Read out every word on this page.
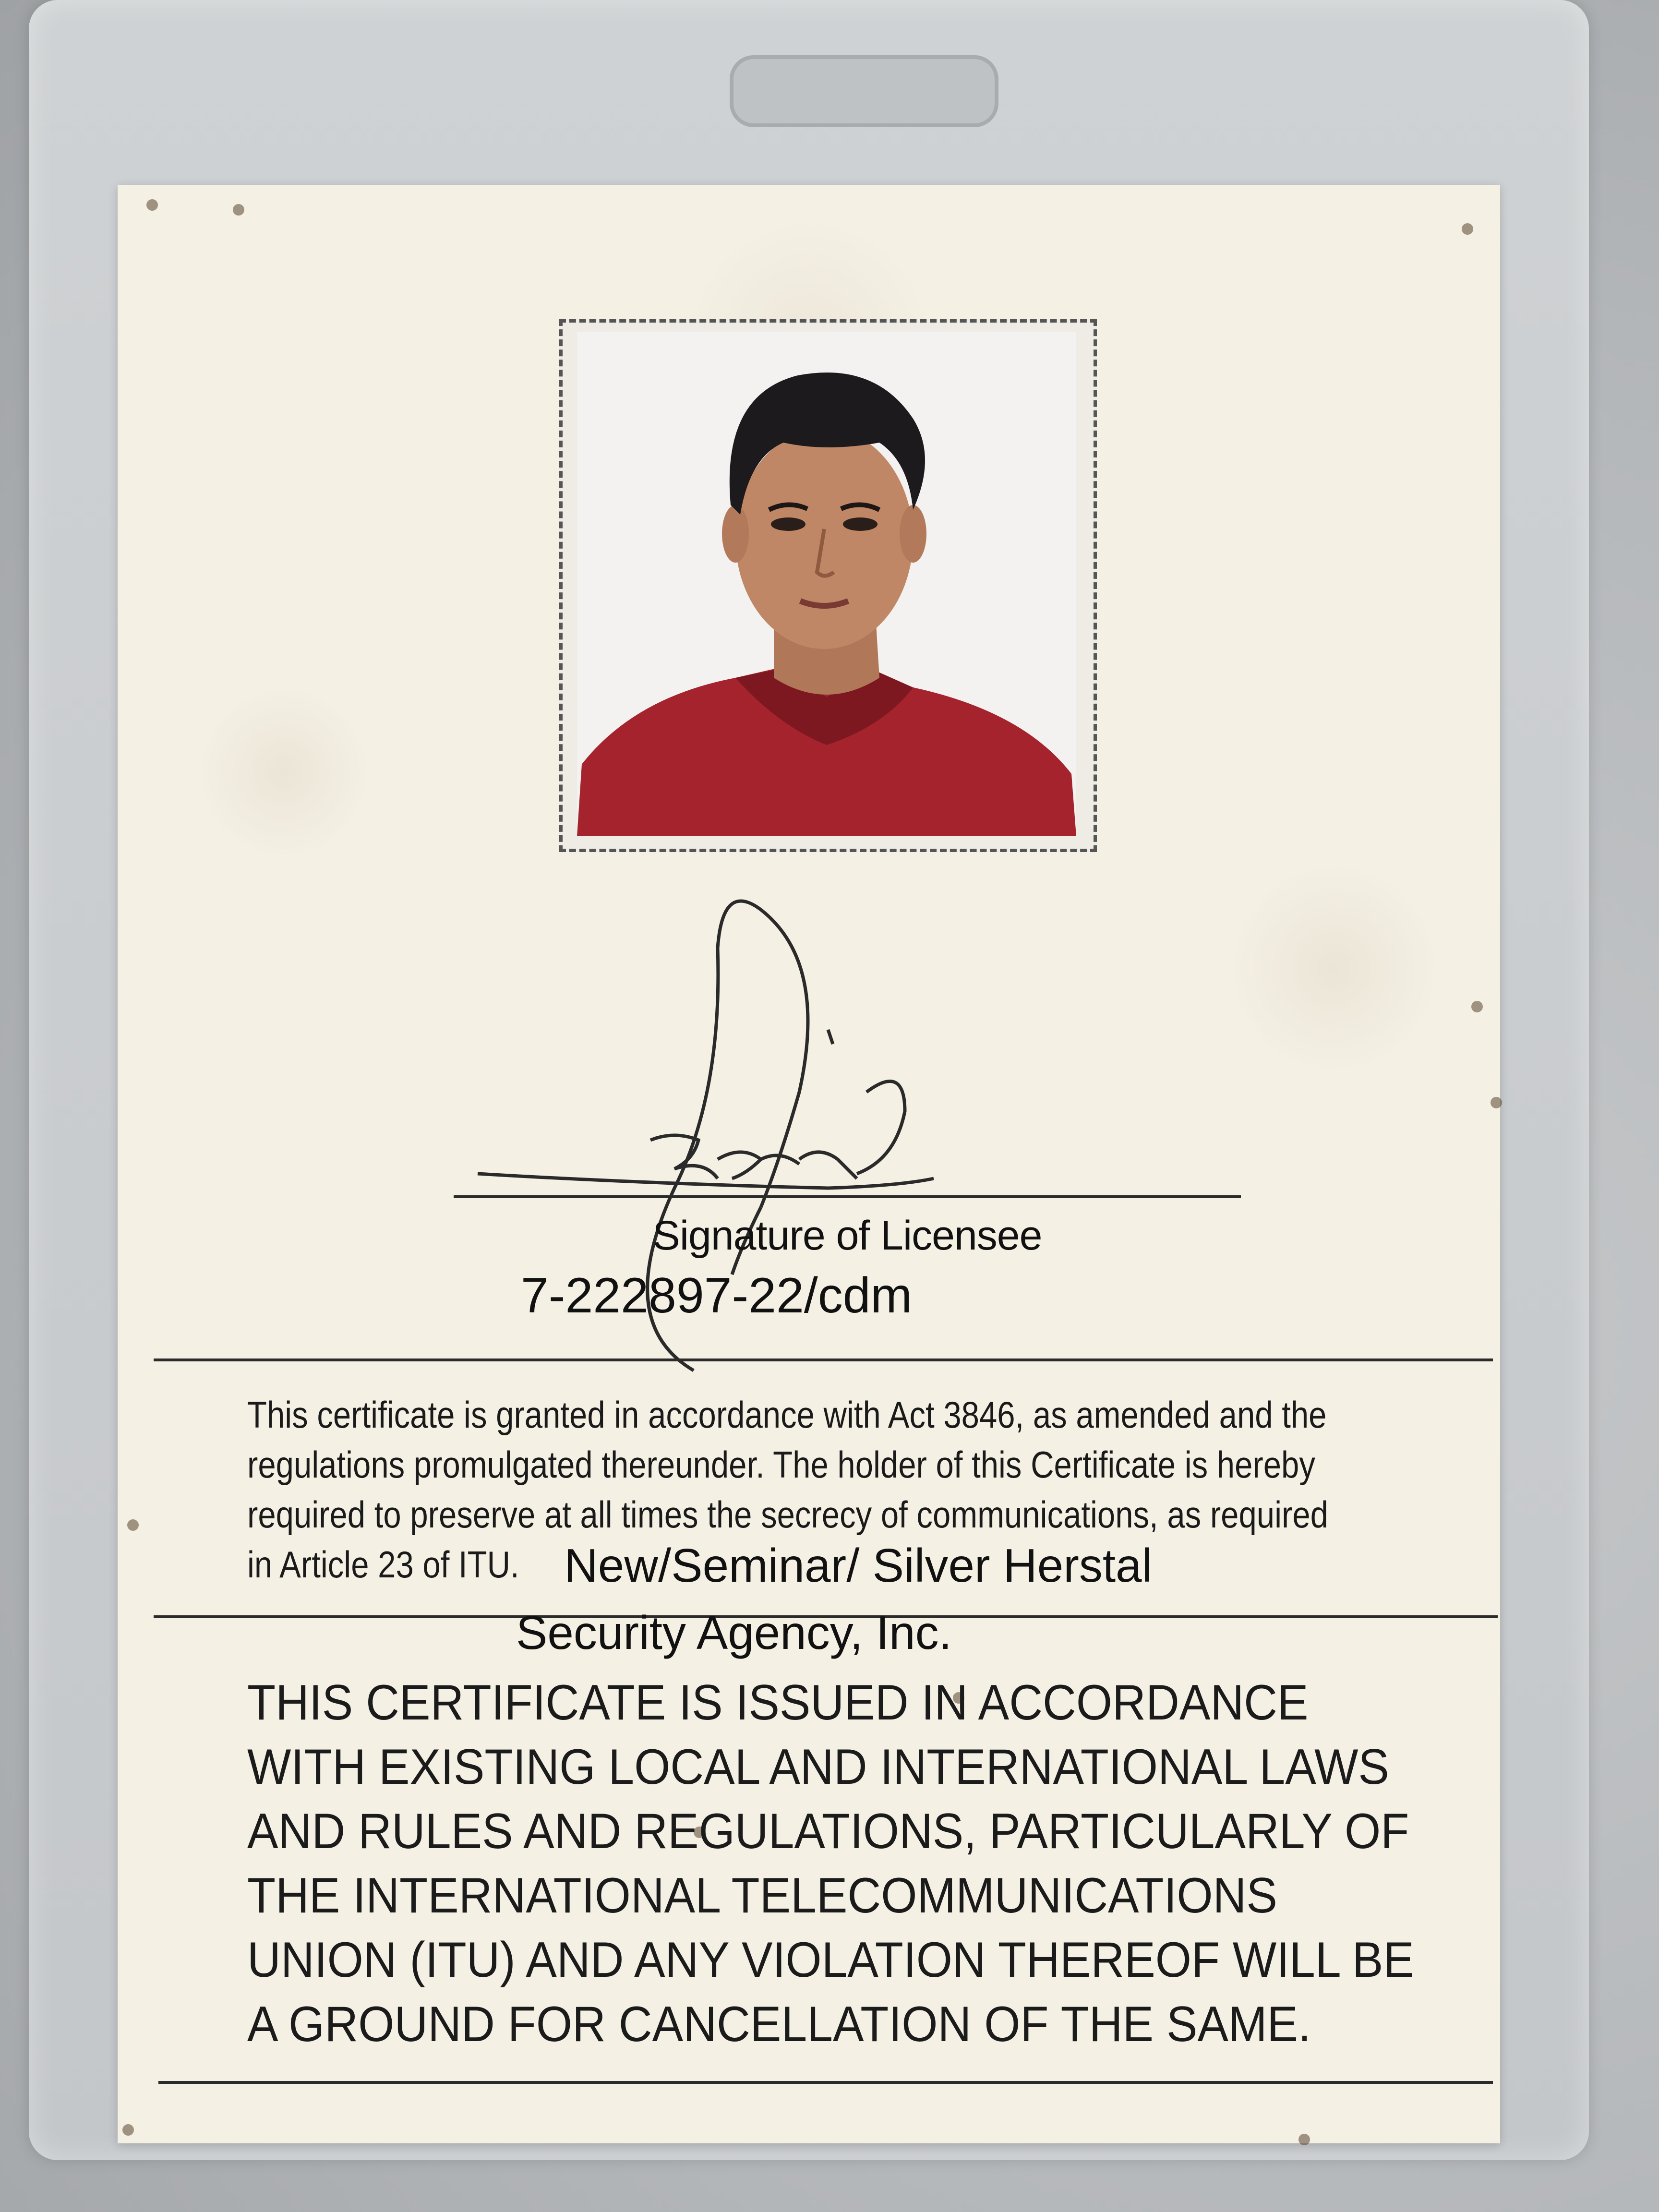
Signature of Licensee
7-222897-22/cdm
This certificate is granted in accordance with Act 3846, as amended and the
regulations promulgated thereunder. The holder of this Certificate is hereby
required to preserve at all times the secrecy of communications, as required
in Article 23 of ITU. New/Seminar/ Silver Herstal
Security Agency, Inc.
THIS CERTIFICATE IS ISSUED IN ACCORDANCE
WITH EXISTING LOCAL AND INTERNATIONAL LAWS
AND RULES AND REGULATIONS, PARTICULARLY OF
THE INTERNATIONAL TELECOMMUNICATIONS
UNION (ITU) AND ANY VIOLATION THEREOF WILL BE
A GROUND FOR CANCELLATION OF THE SAME.
